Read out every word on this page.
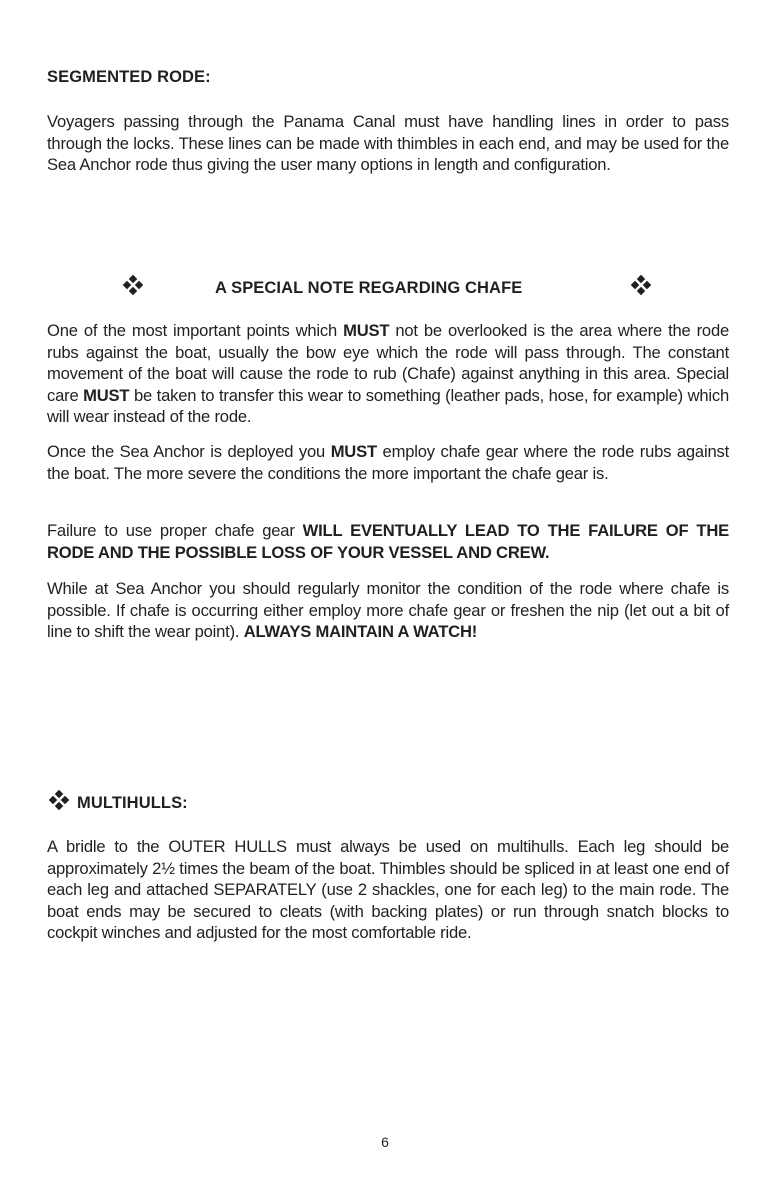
SEGMENTED RODE:
Voyagers passing through the Panama Canal must have handling lines in order to pass through the locks. These lines can be made with thimbles in each end, and may be used for the Sea Anchor rode thus giving the user many options in length and configuration.
A SPECIAL NOTE REGARDING CHAFE
One of the most important points which MUST not be overlooked is the area where the rode rubs against the boat, usually the bow eye which the rode will pass through. The constant movement of the boat will cause the rode to rub (Chafe) against anything in this area. Special care MUST be taken to transfer this wear to something (leather pads, hose, for example) which will wear instead of the rode.
Once the Sea Anchor is deployed you MUST employ chafe gear where the rode rubs against the boat. The more severe the conditions the more important the chafe gear is.
Failure to use proper chafe gear WILL EVENTUALLY LEAD TO THE FAILURE OF THE RODE AND THE POSSIBLE LOSS OF YOUR VESSEL AND CREW.
While at Sea Anchor you should regularly monitor the condition of the rode where chafe is possible. If chafe is occurring either employ more chafe gear or freshen the nip (let out a bit of line to shift the wear point). ALWAYS MAINTAIN A WATCH!
MULTIHULLS:
A bridle to the OUTER HULLS must always be used on multihulls. Each leg should be approximately 2½ times the beam of the boat. Thimbles should be spliced in at least one end of each leg and attached SEPARATELY (use 2 shackles, one for each leg) to the main rode. The boat ends may be secured to cleats (with backing plates) or run through snatch blocks to cockpit winches and adjusted for the most comfortable ride.
6
